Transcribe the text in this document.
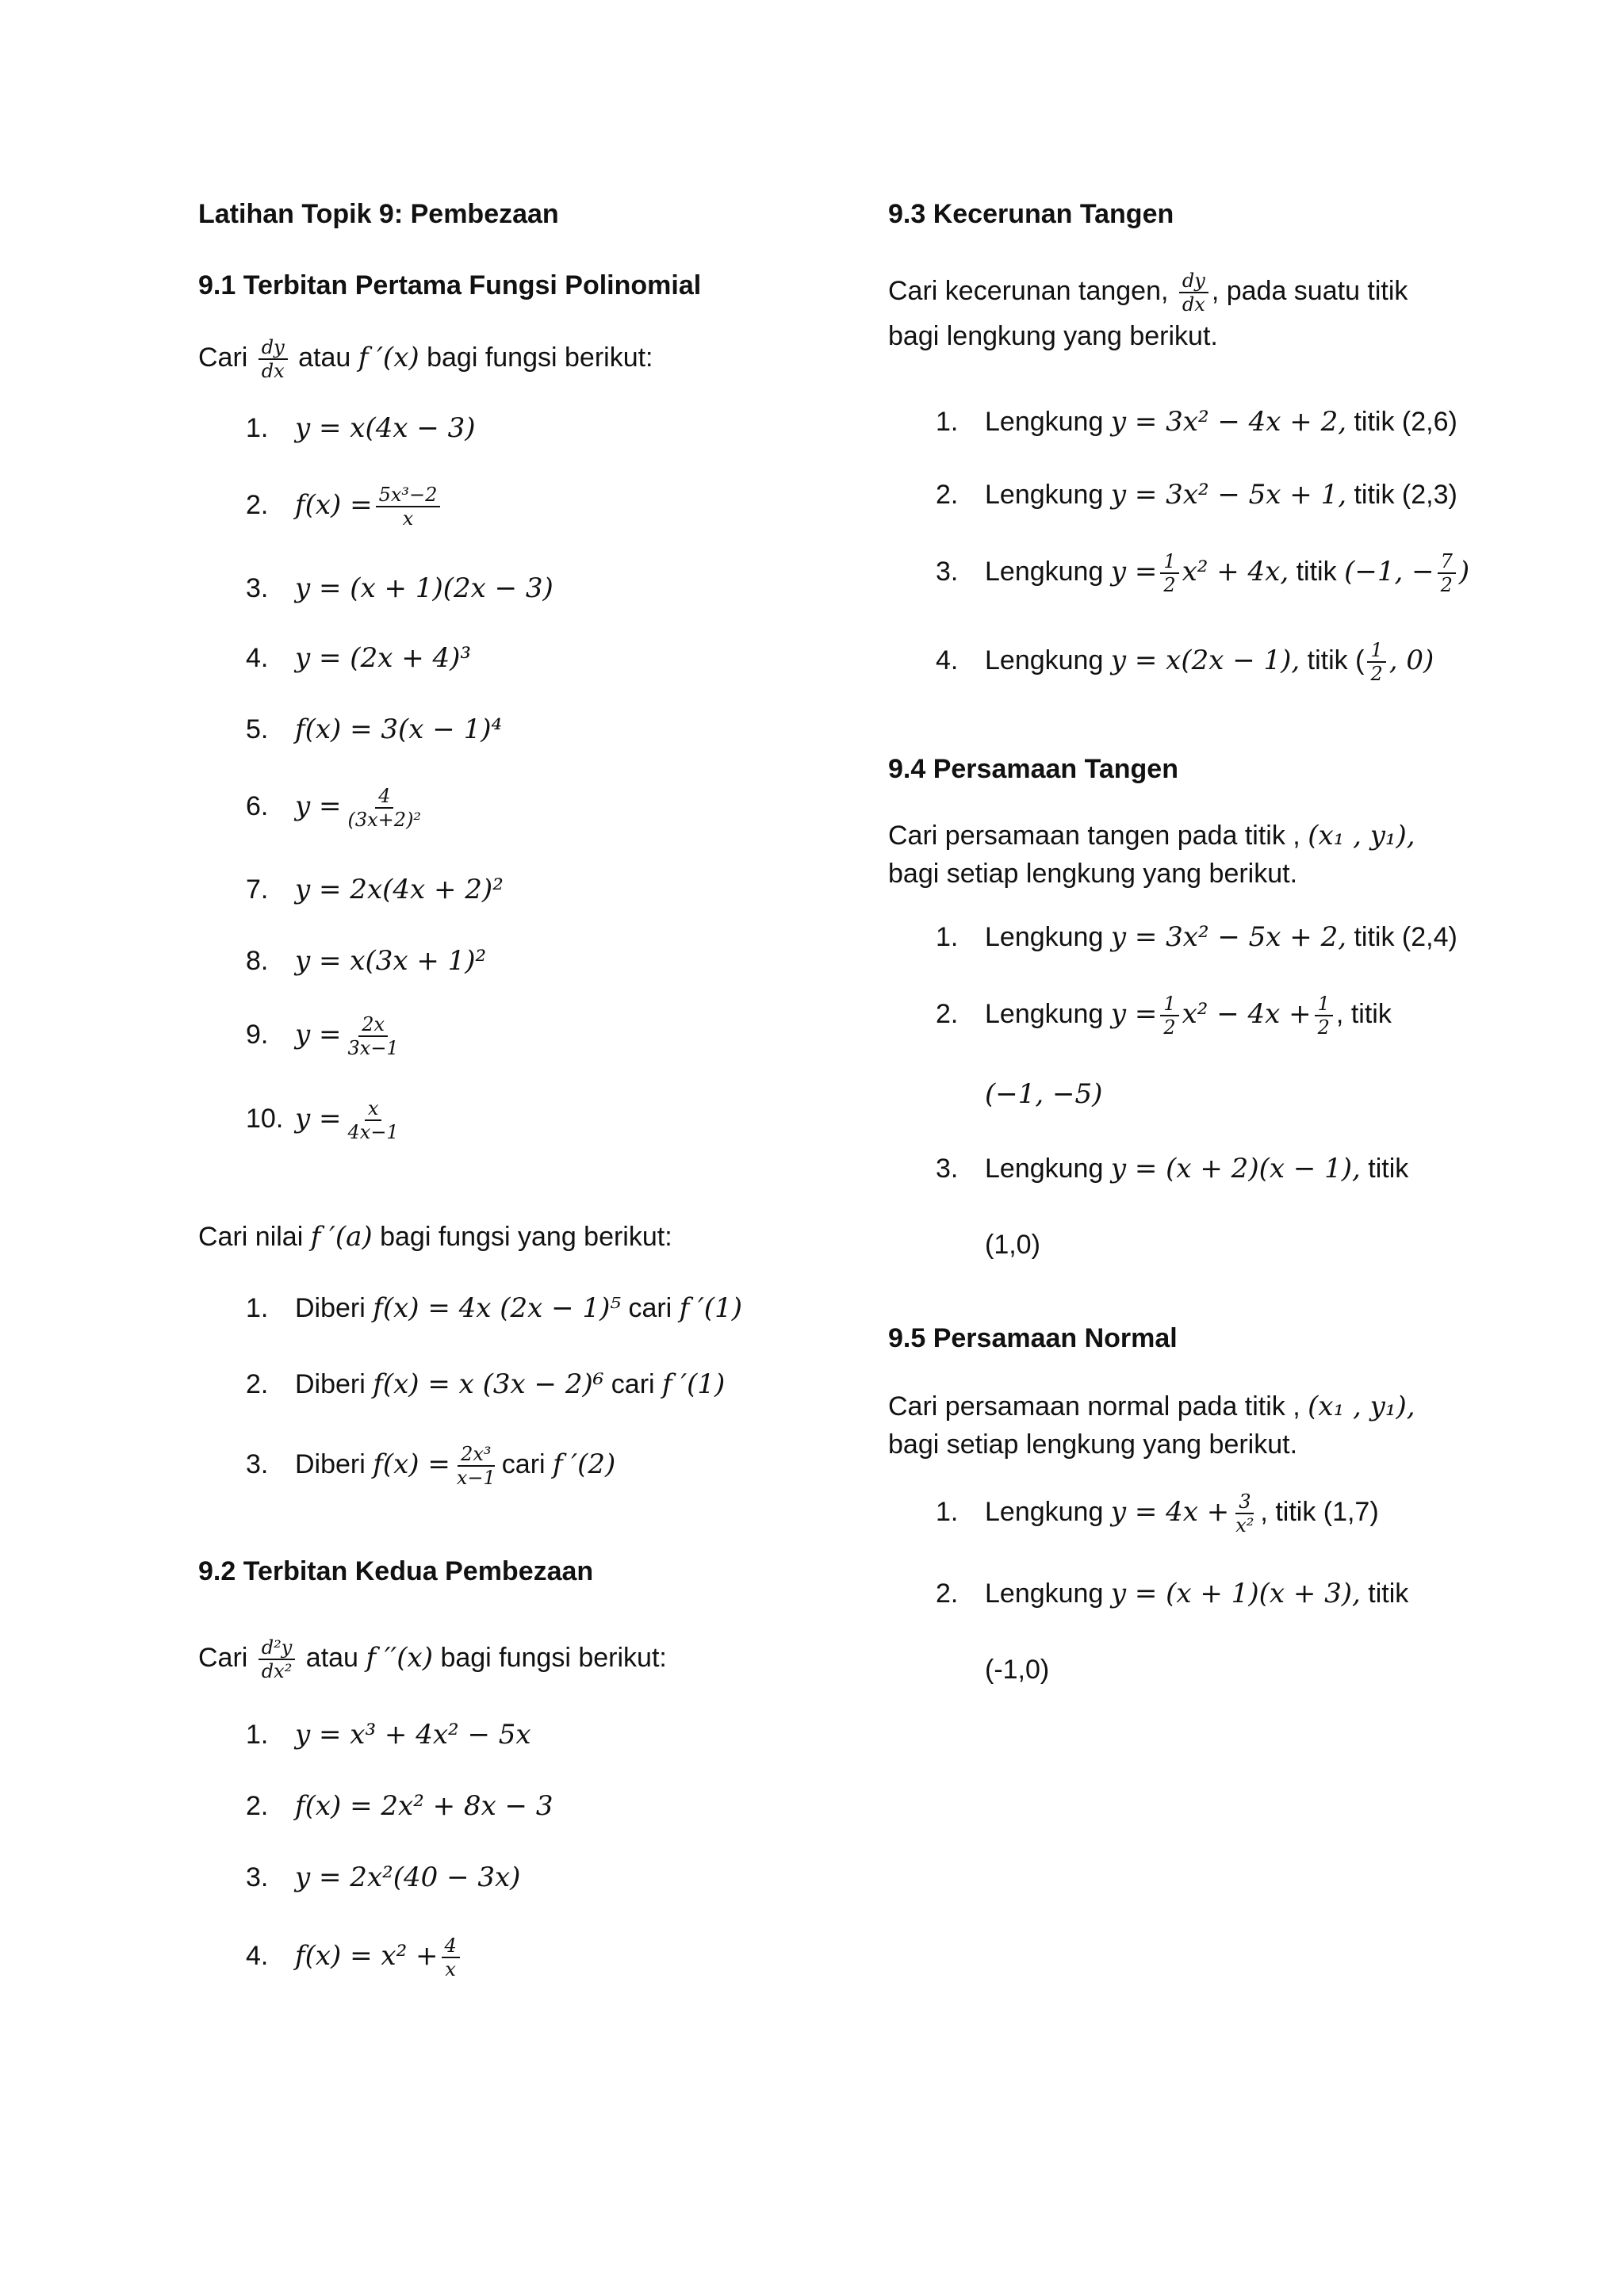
Latihan Topik 9: Pembezaan
9.1 Terbitan Pertama Fungsi Polinomial
Cari $\frac{dy}{dx}$ atau f ′(x) bagi fungsi berikut:
1. y = x(4x − 3)
2. $f(x) = \frac{\text{5x³−2}}{x}$
3. y = (x + 1)(2x − 3)
4. y = (2x + 4)³
5. f(x) = 3(x − 1)⁴
6. $y = \frac{4}{\text{(3x+2)²}}$
7. y = 2x(4x + 2)²
8. y = x(3x + 1)²
9. $y = \frac{2x}{3x-1}$
10. $y = \frac{x}{4x-1}$
Cari nilai f ′(a) bagi fungsi yang berikut:
1. Diberi f(x) = 4x (2x − 1)⁵ cari f ′(1)
2. Diberi f(x) = x (3x − 2)⁶ cari f ′(1)
3. Diberi $f(x) = \frac{\text{2x³}}{x-1}$ cari f ′(2)
9.2 Terbitan Kedua Pembezaan
Cari $\frac{\text{d²y}}{\text{dx²}}$ atau f ′′(x) bagi fungsi berikut:
1. y = x³ + 4x² − 5x
2. f(x) = 2x² + 8x − 3
3. y = 2x²(40 − 3x)
4. $f(x) = x^2 + \frac{4}{x}$
9.3 Kecerunan Tangen
Cari kecerunan tangen, $\frac{dy}{dx}$ , pada suatu titik
bagi lengkung yang berikut.
1. Lengkung y = 3x² − 4x + 2, titik (2,6)
2. Lengkung y = 3x² − 5x + 1, titik (2,3)
3. Lengkung $y = \frac{1}{2} x^2 + 4x$, titik (−1, − $\frac{7}{2}$ )
4. Lengkung y = x(2x − 1), titik ( $\frac{1}{2}$ , 0)
9.4 Persamaan Tangen
Cari persamaan tangen pada titik , (x₁ , y₁),
bagi setiap lengkung yang berikut.
1. Lengkung y = 3x² − 5x + 2, titik (2,4)
2. Lengkung $y = \frac{1}{2} x^2 - 4x + \frac{1}{2}$ , titik
(−1, −5)
3. Lengkung y = (x + 2)(x − 1), titik
(1,0)
9.5 Persamaan Normal
Cari persamaan normal pada titik , (x₁ , y₁),
bagi setiap lengkung yang berikut.
1. Lengkung $y = 4x + \frac{3}{\text{x²}}$ , titik (1,7)
2. Lengkung y = (x + 1)(x + 3), titik
(-1,0)
